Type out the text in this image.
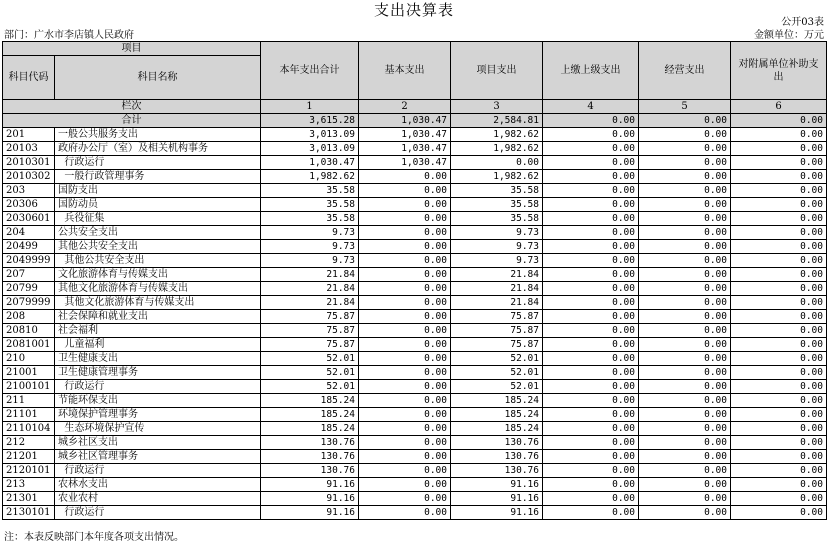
支出决算表
公开03表
部门：广水市李店镇人民政府	金额单位：万元
项目		本年支出合计	基本支出	项目支出	上缴上级支出	经营支出	对附属单位补助支出
科目代码	科目名称						
栏次		1	2	3	4	5	6
合计		3,615.28	1,030.47	2,584.81	0.00	0.00	0.00
201	一般公共服务支出	3,013.09	1,030.47	1,982.62	0.00	0.00	0.00
20103	政府办公厅（室）及相关机构事务	3,013.09	1,030.47	1,982.62	0.00	0.00	0.00
2010301	行政运行	1,030.47	1,030.47	0.00	0.00	0.00	0.00
2010302	一般行政管理事务	1,982.62	0.00	1,982.62	0.00	0.00	0.00
203	国防支出	35.58	0.00	35.58	0.00	0.00	0.00
20306	国防动员	35.58	0.00	35.58	0.00	0.00	0.00
2030601	兵役征集	35.58	0.00	35.58	0.00	0.00	0.00
204	公共安全支出	9.73	0.00	9.73	0.00	0.00	0.00
20499	其他公共安全支出	9.73	0.00	9.73	0.00	0.00	0.00
2049999	其他公共安全支出	9.73	0.00	9.73	0.00	0.00	0.00
207	文化旅游体育与传媒支出	21.84	0.00	21.84	0.00	0.00	0.00
20799	其他文化旅游体育与传媒支出	21.84	0.00	21.84	0.00	0.00	0.00
2079999	其他文化旅游体育与传媒支出	21.84	0.00	21.84	0.00	0.00	0.00
208	社会保障和就业支出	75.87	0.00	75.87	0.00	0.00	0.00
20810	社会福利	75.87	0.00	75.87	0.00	0.00	0.00
2081001	儿童福利	75.87	0.00	75.87	0.00	0.00	0.00
210	卫生健康支出	52.01	0.00	52.01	0.00	0.00	0.00
21001	卫生健康管理事务	52.01	0.00	52.01	0.00	0.00	0.00
2100101	行政运行	52.01	0.00	52.01	0.00	0.00	0.00
211	节能环保支出	185.24	0.00	185.24	0.00	0.00	0.00
21101	环境保护管理事务	185.24	0.00	185.24	0.00	0.00	0.00
2110104	生态环境保护宣传	185.24	0.00	185.24	0.00	0.00	0.00
212	城乡社区支出	130.76	0.00	130.76	0.00	0.00	0.00
21201	城乡社区管理事务	130.76	0.00	130.76	0.00	0.00	0.00
2120101	行政运行	130.76	0.00	130.76	0.00	0.00	0.00
213	农林水支出	91.16	0.00	91.16	0.00	0.00	0.00
21301	农业农村	91.16	0.00	91.16	0.00	0.00	0.00
2130101	行政运行	91.16	0.00	91.16	0.00	0.00	0.00
注：本表反映部门本年度各项支出情况。
